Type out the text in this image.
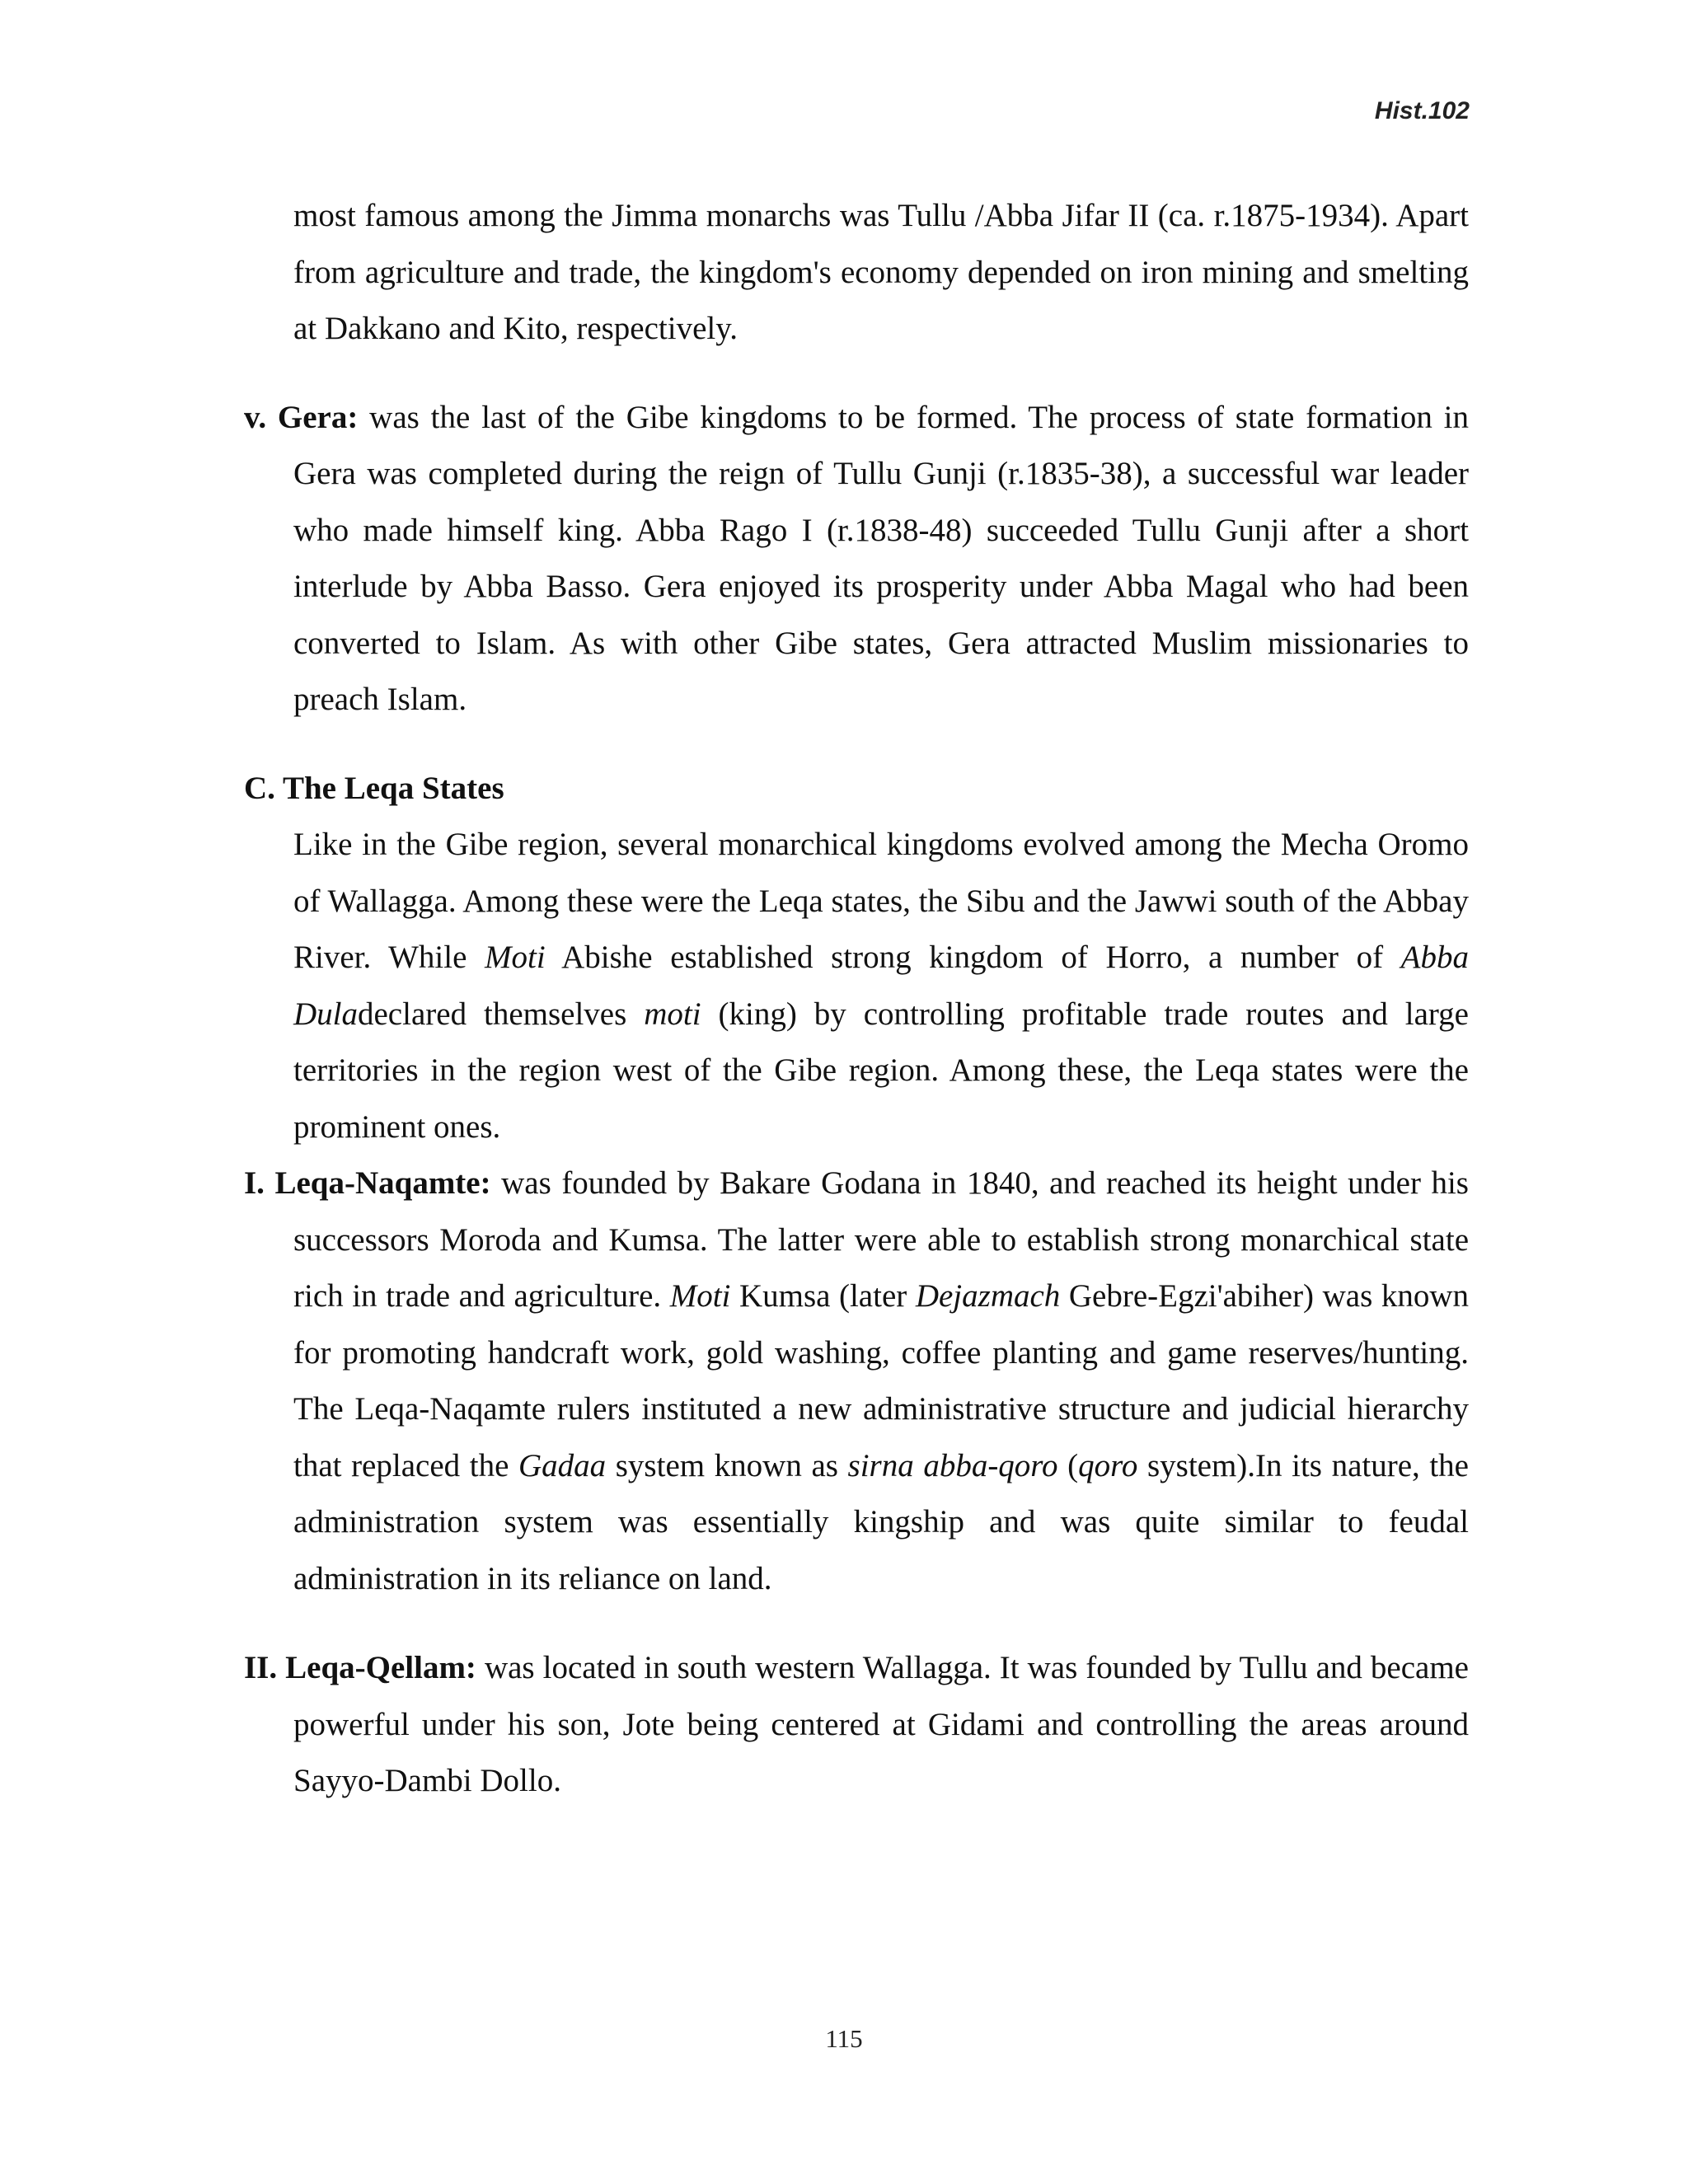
Hist.102

most famous among the Jimma monarchs was Tullu /Abba Jifar II (ca. r.1875-1934). Apart from agriculture and trade, the kingdom's economy depended on iron mining and smelting at Dakkano and Kito, respectively.

v. Gera: was the last of the Gibe kingdoms to be formed. The process of state formation in Gera was completed during the reign of Tullu Gunji (r.1835-38), a successful war leader who made himself king. Abba Rago I (r.1838-48) succeeded Tullu Gunji after a short interlude by Abba Basso. Gera enjoyed its prosperity under Abba Magal who had been converted to Islam. As with other Gibe states, Gera attracted Muslim missionaries to preach Islam.

C. The Leqa States

Like in the Gibe region, several monarchical kingdoms evolved among the Mecha Oromo of Wallagga. Among these were the Leqa states, the Sibu and the Jawwi south of the Abbay River. While Moti Abishe established strong kingdom of Horro, a number of Abba Duladeclared themselves moti (king) by controlling profitable trade routes and large territories in the region west of the Gibe region. Among these, the Leqa states were the prominent ones.

I. Leqa-Naqamte: was founded by Bakare Godana in 1840, and reached its height under his successors Moroda and Kumsa. The latter were able to establish strong monarchical state rich in trade and agriculture. Moti Kumsa (later Dejazmach Gebre-Egzi'abiher) was known for promoting handcraft work, gold washing, coffee planting and game reserves/hunting. The Leqa-Naqamte rulers instituted a new administrative structure and judicial hierarchy that replaced the Gadaa system known as sirna abba-qoro (qoro system).In its nature, the administration system was essentially kingship and was quite similar to feudal administration in its reliance on land.

II. Leqa-Qellam: was located in south western Wallagga. It was founded by Tullu and became powerful under his son, Jote being centered at Gidami and controlling the areas around Sayyo-Dambi Dollo.

115
